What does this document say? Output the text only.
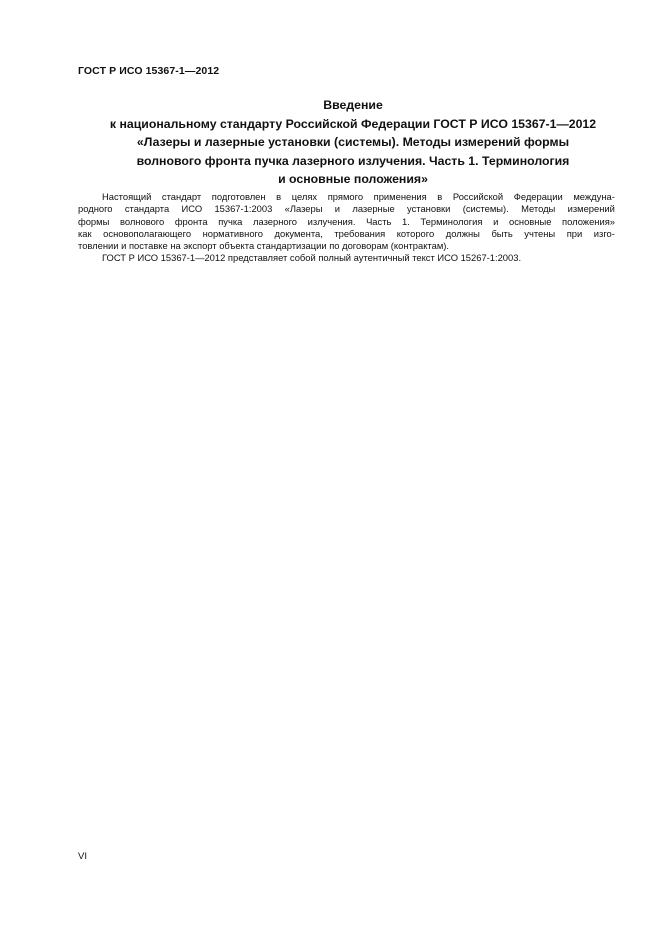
ГОСТ Р ИСО 15367-1—2012
Введение
к национальному стандарту Российской Федерации ГОСТ Р ИСО 15367-1—2012
«Лазеры и лазерные установки (системы). Методы измерений формы
волнового фронта пучка лазерного излучения. Часть 1. Терминология
и основные положения»
Настоящий стандарт подготовлен в целях прямого применения в Российской Федерации междуна-
родного стандарта ИСО 15367-1:2003 «Лазеры и лазерные установки (системы). Методы измерений
формы волнового фронта пучка лазерного излучения. Часть 1. Терминология и основные положения»
как основополагающего нормативного документа, требования которого должны быть учтены при изго-
товлении и поставке на экспорт объекта стандартизации по договорам (контрактам).
ГОСТ Р ИСО 15367-1—2012 представляет собой полный аутентичный текст ИСО 15267-1:2003.
VI
